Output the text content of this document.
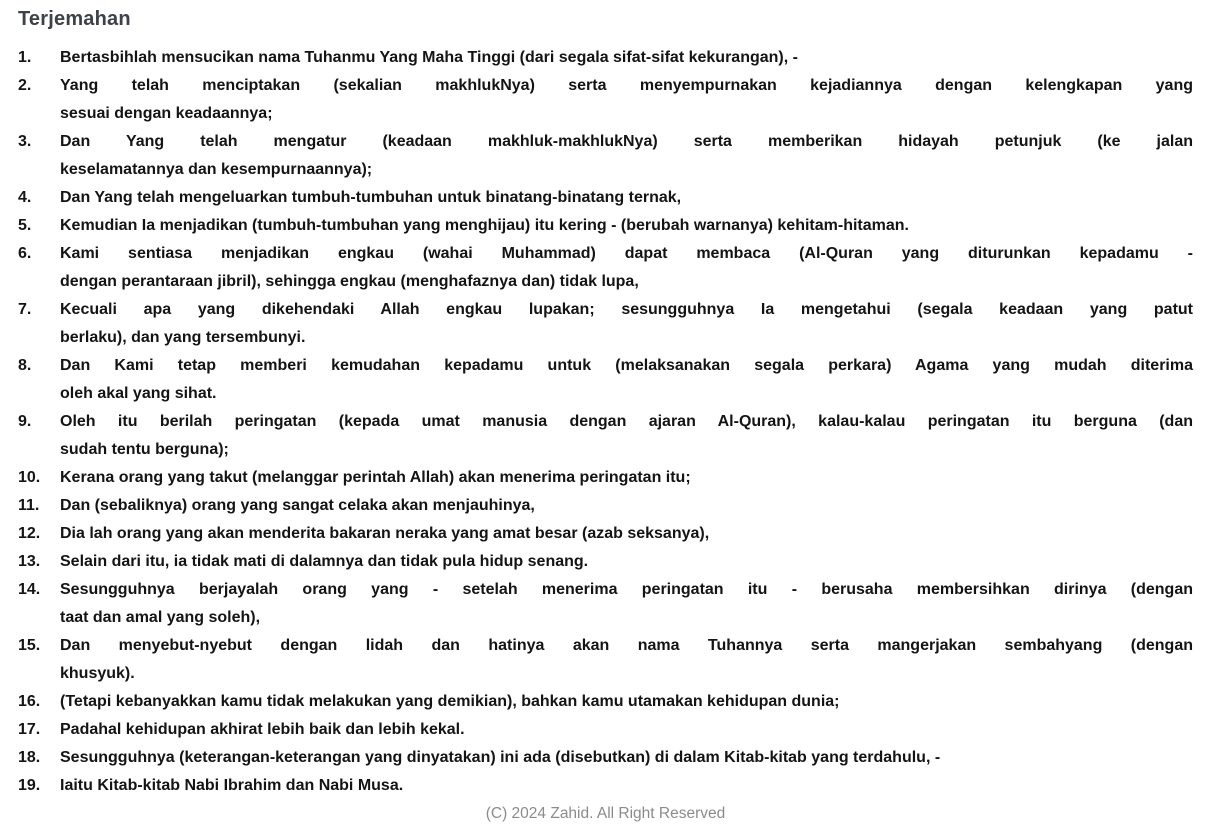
Terjemahan
1.	Bertasbihlah mensucikan nama Tuhanmu Yang Maha Tinggi (dari segala sifat-sifat kekurangan), -
2.	Yang telah menciptakan (sekalian makhlukNya) serta menyempurnakan kejadiannya dengan kelengkapan yang
sesuai dengan keadaannya;
3.	Dan Yang telah mengatur (keadaan makhluk-makhlukNya) serta memberikan hidayah petunjuk (ke jalan
keselamatannya dan kesempurnaannya);
4.	Dan Yang telah mengeluarkan tumbuh-tumbuhan untuk binatang-binatang ternak,
5.	Kemudian Ia menjadikan (tumbuh-tumbuhan yang menghijau) itu kering - (berubah warnanya) kehitam-hitaman.
6.	Kami sentiasa menjadikan engkau (wahai Muhammad) dapat membaca (Al-Quran yang diturunkan kepadamu -
dengan perantaraan jibril), sehingga engkau (menghafaznya dan) tidak lupa,
7.	Kecuali apa yang dikehendaki Allah engkau lupakan; sesungguhnya Ia mengetahui (segala keadaan yang patut
berlaku), dan yang tersembunyi.
8.	Dan Kami tetap memberi kemudahan kepadamu untuk (melaksanakan segala perkara) Agama yang mudah diterima
oleh akal yang sihat.
9.	Oleh itu berilah peringatan (kepada umat manusia dengan ajaran Al-Quran), kalau-kalau peringatan itu berguna (dan
sudah tentu berguna);
10.	Kerana orang yang takut (melanggar perintah Allah) akan menerima peringatan itu;
11.	Dan (sebaliknya) orang yang sangat celaka akan menjauhinya,
12.	Dia lah orang yang akan menderita bakaran neraka yang amat besar (azab seksanya),
13.	Selain dari itu, ia tidak mati di dalamnya dan tidak pula hidup senang.
14.	Sesungguhnya berjayalah orang yang - setelah menerima peringatan itu - berusaha membersihkan dirinya (dengan
taat dan amal yang soleh),
15.	Dan menyebut-nyebut dengan lidah dan hatinya akan nama Tuhannya serta mangerjakan sembahyang (dengan
khusyuk).
16.	(Tetapi kebanyakkan kamu tidak melakukan yang demikian), bahkan kamu utamakan kehidupan dunia;
17.	Padahal kehidupan akhirat lebih baik dan lebih kekal.
18.	Sesungguhnya (keterangan-keterangan yang dinyatakan) ini ada (disebutkan) di dalam Kitab-kitab yang terdahulu, -
19.	Iaitu Kitab-kitab Nabi Ibrahim dan Nabi Musa.
(C) 2024 Zahid. All Right Reserved
